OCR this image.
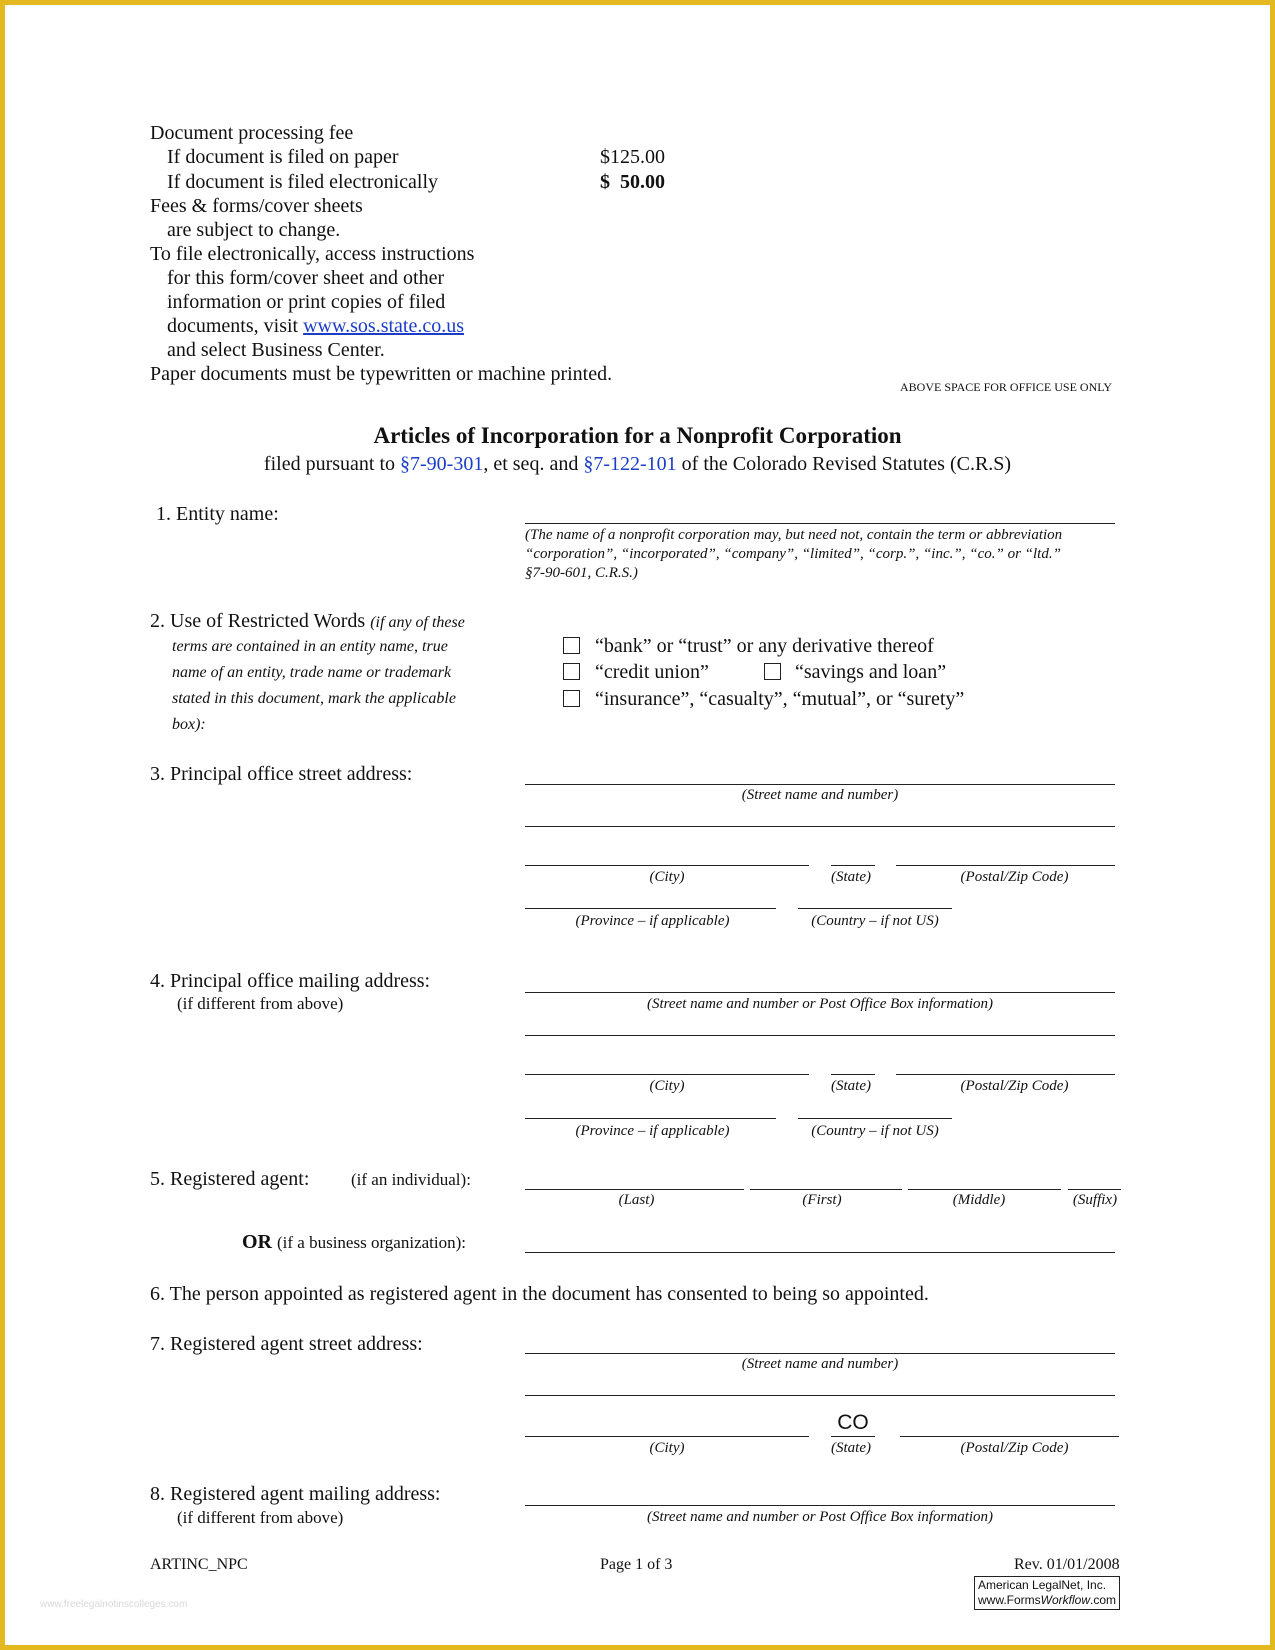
Document processing fee
If document is filed on paper	$125.00
If document is filed electronically	$  50.00
Fees & forms/cover sheets
are subject to change.
To file electronically, access instructions
for this form/cover sheet and other
information or print copies of filed
documents, visit www.sos.state.co.us
and select Business Center.
Paper documents must be typewritten or machine printed.
ABOVE SPACE FOR OFFICE USE ONLY
Articles of Incorporation for a Nonprofit Corporation
filed pursuant to §7-90-301, et seq. and §7-122-101 of the Colorado Revised Statutes (C.R.S)
1. Entity name:
(The name of a nonprofit corporation may, but need not, contain the term or abbreviation
“corporation”, “incorporated”, “company”, “limited”, “corp.”, “inc.”, “co.” or “ltd.”
§7-90-601, C.R.S.)
2. Use of Restricted Words (if any of these
terms are contained in an entity name, true
name of an entity, trade name or trademark
stated in this document, mark the applicable
box):
“bank” or “trust” or any derivative thereof
“credit union”	“savings and loan”
“insurance”, “casualty”, “mutual”, or “surety”
3. Principal office street address:
(Street name and number)
(City)	(State)	(Postal/Zip Code)
(Province – if applicable)	(Country – if not US)
4. Principal office mailing address:
(if different from above)	(Street name and number or Post Office Box information)
(City)	(State)	(Postal/Zip Code)
(Province – if applicable)	(Country – if not US)
5. Registered agent: (if an individual):
(Last)	(First)	(Middle)	(Suffix)
OR (if a business organization):
6. The person appointed as registered agent in the document has consented to being so appointed.
7. Registered agent street address:
(Street name and number)
CO
(City)	(State)	(Postal/Zip Code)
8. Registered agent mailing address:
(if different from above)	(Street name and number or Post Office Box information)
ARTINC_NPC	Page 1 of 3	Rev. 01/01/2008
American LegalNet, Inc.
www.FormsWorkflow.com
www.freelegalnotinscolleges.com
